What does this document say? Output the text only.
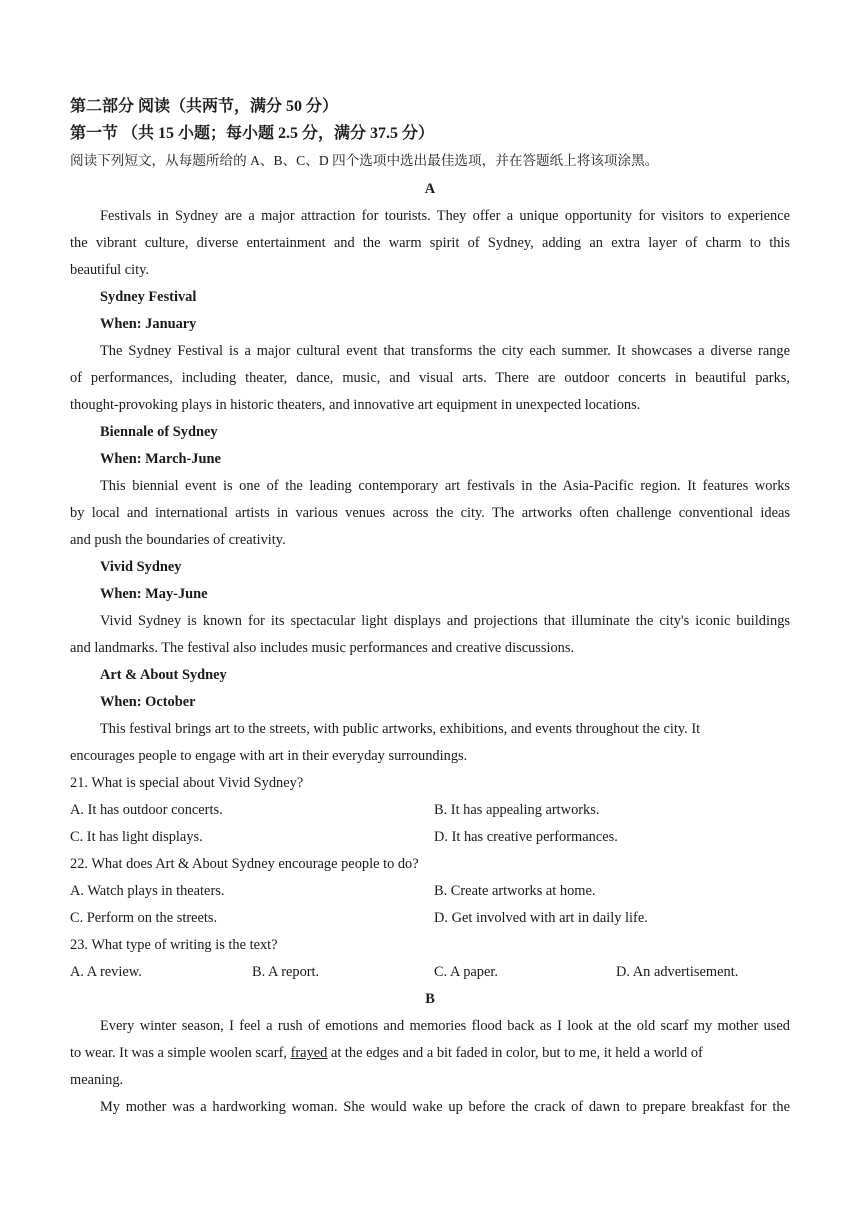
第二部分 阅读（共两节，满分 50 分）
第一节 （共 15 小题；每小题 2.5 分，满分 37.5 分）
阅读下列短文，从每题所给的 A、B、C、D 四个选项中选出最佳选项，并在答题纸上将该项涂黑。
A
Festivals in Sydney are a major attraction for tourists. They offer a unique opportunity for visitors to experience
the vibrant culture, diverse entertainment and the warm spirit of Sydney, adding an extra layer of charm to this
beautiful city.
Sydney Festival
When: January
The Sydney Festival is a major cultural event that transforms the city each summer. It showcases a diverse range
of performances, including theater, dance, music, and visual arts. There are outdoor concerts in beautiful parks,
thought-provoking plays in historic theaters, and innovative art equipment in unexpected locations.
Biennale of Sydney
When: March-June
This biennial event is one of the leading contemporary art festivals in the Asia-Pacific region. It features works
by local and international artists in various venues across the city. The artworks often challenge conventional ideas
and push the boundaries of creativity.
Vivid Sydney
When: May-June
Vivid Sydney is known for its spectacular light displays and projections that illuminate the city's iconic buildings
and landmarks. The festival also includes music performances and creative discussions.
Art & About Sydney
When: October
This festival brings art to the streets, with public artworks, exhibitions, and events throughout the city. It
encourages people to engage with art in their everyday surroundings.
21. What is special about Vivid Sydney?
A. It has outdoor concerts.	B. It has appealing artworks.
C. It has light displays.	D. It has creative performances.
22. What does Art & About Sydney encourage people to do?
A. Watch plays in theaters.	B. Create artworks at home.
C. Perform on the streets.	D. Get involved with art in daily life.
23. What type of writing is the text?
A. A review.	B. A report.	C. A paper.	D. An advertisement.
B
Every winter season, I feel a rush of emotions and memories flood back as I look at the old scarf my mother used
to wear. It was a simple woolen scarf, frayed at the edges and a bit faded in color, but to me, it held a world of
meaning.
My mother was a hardworking woman. She would wake up before the crack of dawn to prepare breakfast for the
